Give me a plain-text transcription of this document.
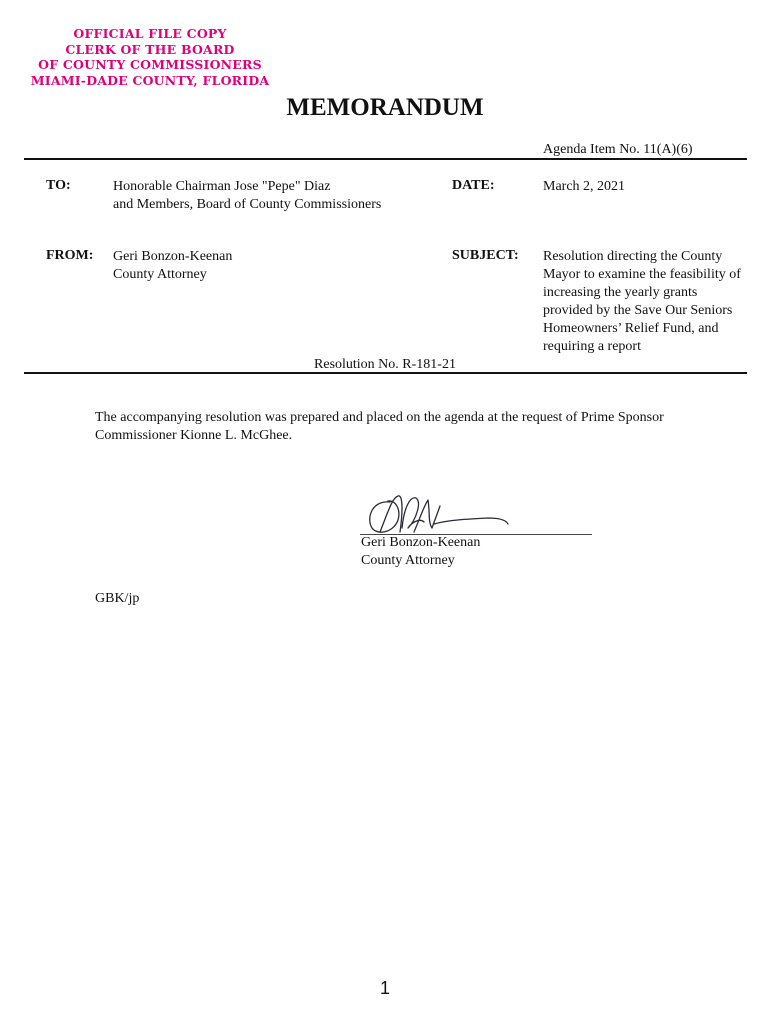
OFFICIAL FILE COPY
CLERK OF THE BOARD
OF COUNTY COMMISSIONERS
MIAMI-DADE COUNTY, FLORIDA
MEMORANDUM
Agenda Item No. 11(A)(6)
TO:	Honorable Chairman Jose "Pepe" Diaz
and Members, Board of County Commissioners
DATE:	March 2, 2021
FROM: Geri Bonzon-Keenan
County Attorney
SUBJECT: Resolution directing the County Mayor to examine the feasibility of increasing the yearly grants provided by the Save Our Seniors Homeowners’ Relief Fund, and requiring a report
Resolution No. R-181-21
The accompanying resolution was prepared and placed on the agenda at the request of Prime Sponsor Commissioner Kionne L. McGhee.
Geri Bonzon-Keenan
County Attorney
GBK/jp
1
